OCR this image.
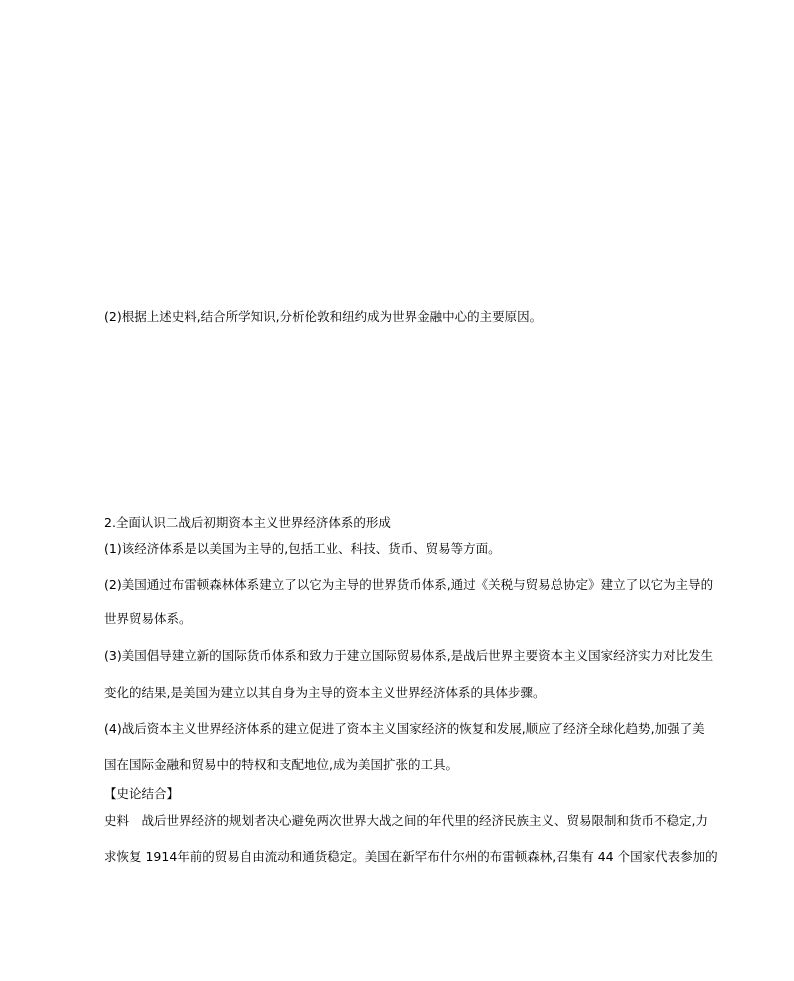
(2)根据上述史料,结合所学知识,分析伦敦和纽约成为世界金融中心的主要原因。

2.全面认识二战后初期资本主义世界经济体系的形成

(1)该经济体系是以美国为主导的,包括工业、科技、货币、贸易等方面。

(2)美国通过布雷顿森林体系建立了以它为主导的世界货币体系,通过《关税与贸易总协定》建立了以它为主导的

世界贸易体系。

(3)美国倡导建立新的国际货币体系和致力于建立国际贸易体系,是战后世界主要资本主义国家经济实力对比发生

变化的结果,是美国为建立以其自身为主导的资本主义世界经济体系的具体步骤。

(4)战后资本主义世界经济体系的建立促进了资本主义国家经济的恢复和发展,顺应了经济全球化趋势,加强了美

国在国际金融和贸易中的特权和支配地位,成为美国扩张的工具。

【史论结合】

史料　战后世界经济的规划者决心避免两次世界大战之间的年代里的经济民族主义、贸易限制和货币不稳定,力

求恢复 1914年前的贸易自由流动和通货稳定。美国在新罕布什尔州的布雷顿森林,召集有 44 个国家代表参加的
